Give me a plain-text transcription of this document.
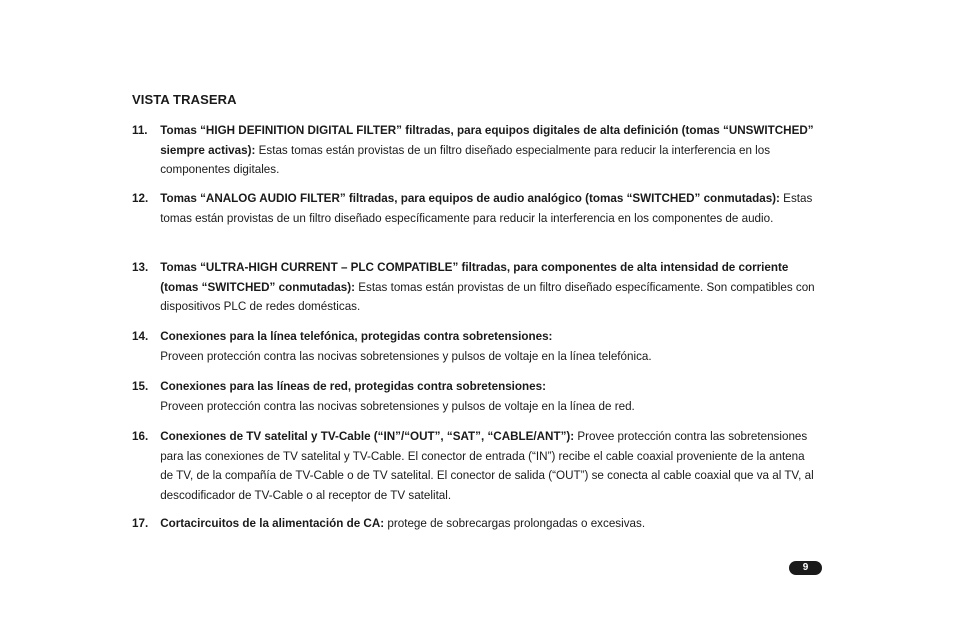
VISTA TRASERA
11.	Tomas “HIGH DEFINITION DIGITAL FILTER” filtradas, para equipos digitales de alta definición (tomas “UNSWITCHED” siempre activas): Estas tomas están provistas de un filtro diseñado especialmente para reducir la interferencia en los componentes digitales.
12. Tomas “ANALOG AUDIO FILTER” filtradas, para equipos de audio analógico (tomas “SWITCHED” conmutadas): Estas tomas están provistas de un filtro diseñado específicamente para reducir la interferencia en los componentes de audio.
13. Tomas “ULTRA-HIGH CURRENT – PLC COMPATIBLE” filtradas, para componentes de alta intensidad de corriente (tomas “SWITCHED” conmutadas): Estas tomas están provistas de un filtro diseñado específicamente. Son compatibles con dispositivos PLC de redes domésticas.
14. Conexiones para la línea telefónica, protegidas contra sobretensiones:
Proveen protección contra las nocivas sobretensiones y pulsos de voltaje en la línea telefónica.
15. Conexiones para las líneas de red, protegidas contra sobretensiones:
Proveen protección contra las nocivas sobretensiones y pulsos de voltaje en la línea de red.
16. Conexiones de TV satelital y TV-Cable (“IN”/“OUT”, “SAT”, “CABLE/ANT”): Provee protección contra las sobretensiones para las conexiones de TV satelital y TV-Cable. El conector de entrada (“IN”) recibe el cable coaxial proveniente de la antena de TV, de la compañía de TV-Cable o de TV satelital. El conector de salida (“OUT”) se conecta al cable coaxial que va al TV, al descodificador de TV-Cable o al receptor de TV satelital.
17. Cortacircuitos de la alimentación de CA: protege de sobrecargas prolongadas o excesivas.
9
